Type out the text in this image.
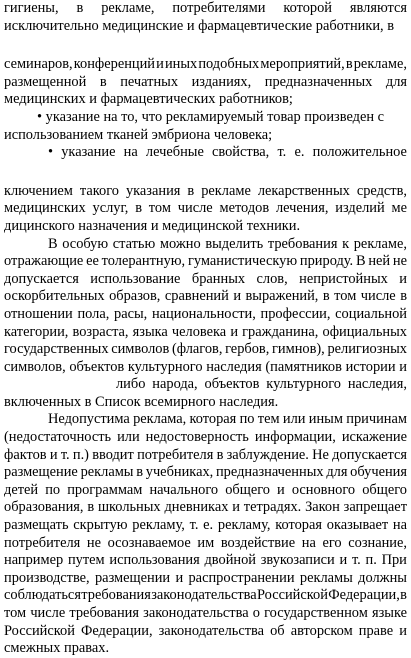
гигиены, в рекламе, потребителями которой являются
исключительно медицинские и фармацевтические работники, в
семинаров, конференций и иных подобных мероприятий, в рекламе,
размещенной в печатных изданиях, предназначенных для
медицинских и фармацевтических работников;
• указание на то, что рекламируемый товар произведен с
использованием тканей эмбриона человека;
• указание на лечебные свойства, т. е. положительное
ключением такого указания в рекламе лекарственных средств,
медицинских услуг, в том числе методов лечения, изделий ме
дицинского назначения и медицинской техники.
В особую статью можно выделить требования к рекламе,
отражающие ее толерантную, гуманистическую природу. В ней не
допускается использование бранных слов, непристойных и
оскорбительных образов, сравнений и выражений, в том числе в
отношении пола, расы, национальности, профессии, социальной
категории, возраста, языка человека и гражданина, официальных
государственных символов (флагов, гербов, гимнов), религиозных
символов, объектов культурного наследия (памятников истории и
либо народа, объектов культурного наследия,
включенных в Список всемирного наследия.
Недопустима реклама, которая по тем или иным причинам
(недостаточность или недостоверность информации, искажение
фактов и т. п.) вводит потребителя в заблуждение. Не допускается
размещение рекламы в учебниках, предназначенных для обучения
детей по программам начального общего и основного общего
образования, в школьных дневниках и тетрадях. Закон запрещает
размещать скрытую рекламу, т. е. рекламу, которая оказывает на
потребителя не осознаваемое им воздействие на его сознание,
например путем использования двойной звукозаписи и т. п. При
производстве, размещении и распространении рекламы должны
соблюдаться требования законодательства Российской Федерации, в
том числе требования законодательства о государственном языке
Российской Федерации, законодательства об авторском праве и
смежных правах.
